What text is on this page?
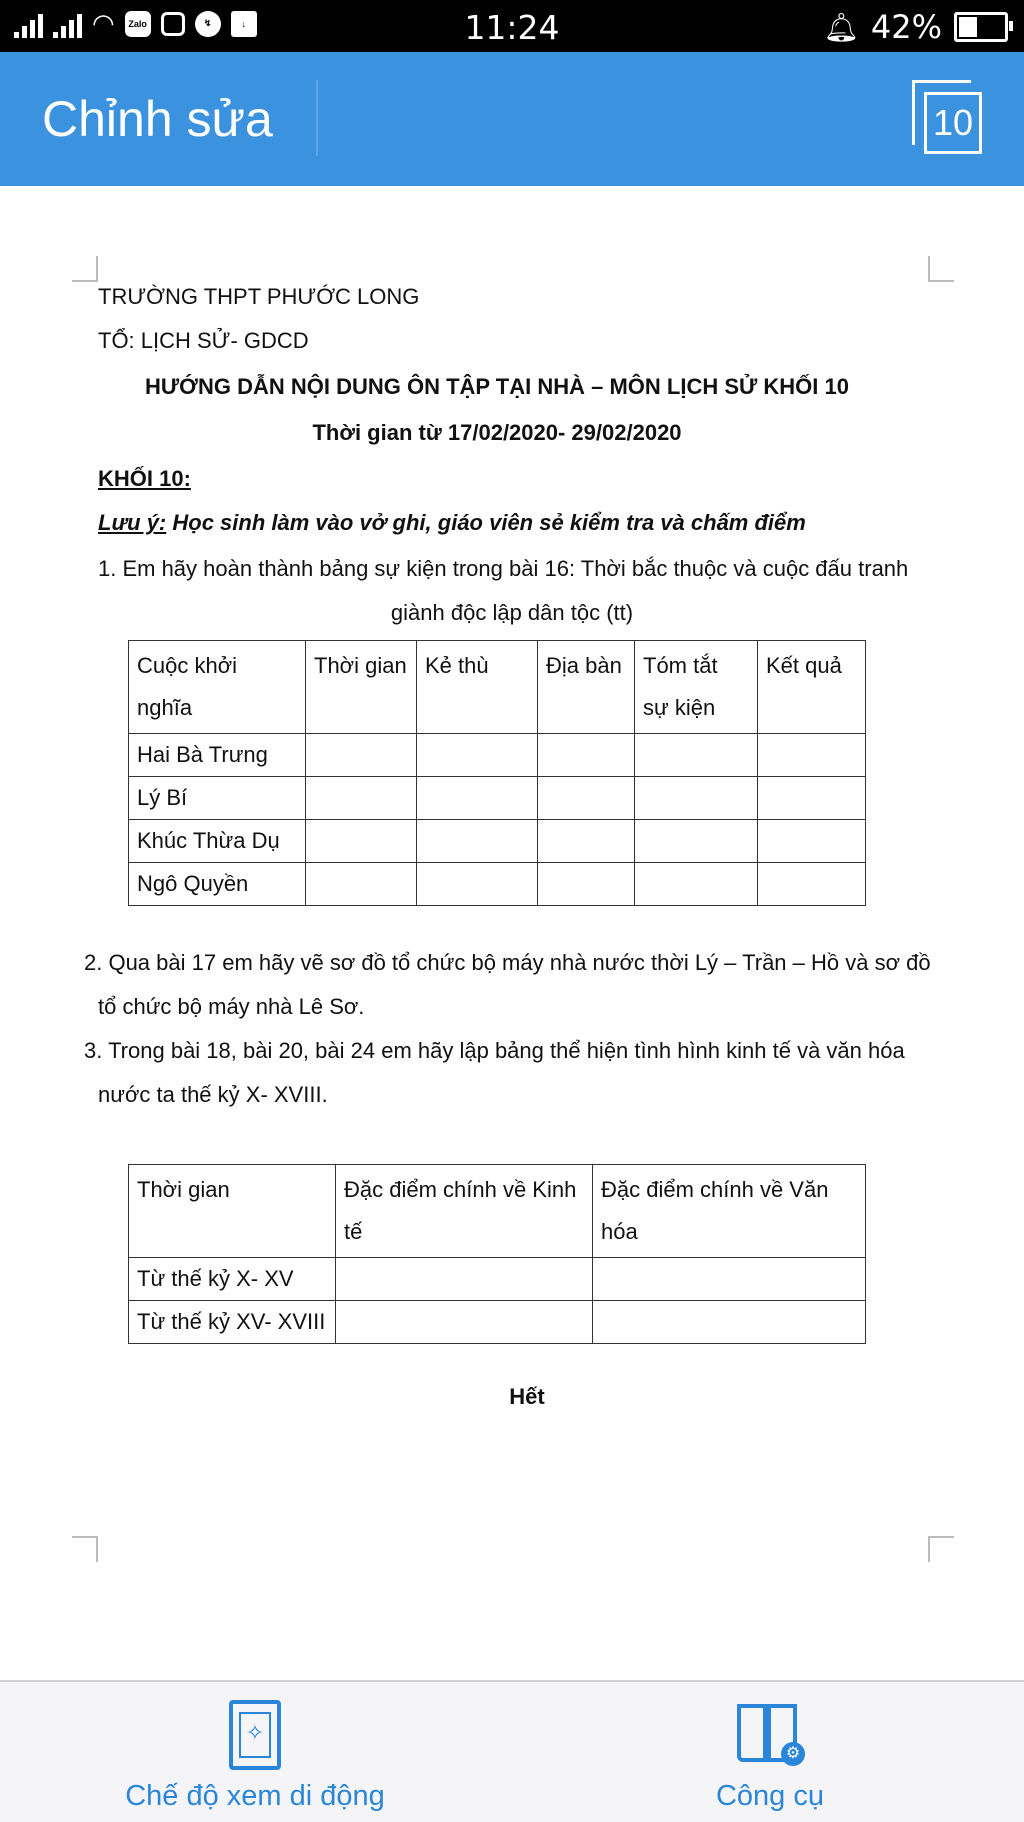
◠	Zalo	↯	↓	11:24	🔔︎ 42%
Chỉnh sửa	10
TRƯỜNG THPT PHƯỚC LONG
TỔ: LỊCH SỬ- GDCD
HƯỚNG DẪN NỘI DUNG ÔN TẬP TẠI NHÀ – MÔN LỊCH SỬ KHỐI 10
Thời gian từ 17/02/2020- 29/02/2020
KHỐI 10:
Lưu ý: Học sinh làm vào vở ghi, giáo viên sẻ kiểm tra và chấm điểm
1. Em hãy hoàn thành bảng sự kiện trong bài 16: Thời bắc thuộc và cuộc đấu tranh
giành độc lập dân tộc (tt)
Cuộc khởi nghĩa	Thời gian	Kẻ thù	Địa bàn	Tóm tắt sự kiện	Kết quả
Hai Bà Trưng					
Lý Bí					
Khúc Thừa Dụ					
Ngô Quyền					
2. Qua bài 17 em hãy vẽ sơ đồ tổ chức bộ máy nhà nước thời Lý – Trần – Hồ và sơ đồ
tổ chức bộ máy nhà Lê Sơ.
3. Trong bài 18, bài 20, bài 24 em hãy lập bảng thể hiện tình hình kinh tế và văn hóa
nước ta thế kỷ X- XVIII.
Thời gian	Đặc điểm chính về Kinh tế	Đặc điểm chính về Văn hóa
Từ thế kỷ X- XV		
Từ thế kỷ XV- XVIII		
Hết
✧
Chế độ xem di động
⚙
Công cụ
